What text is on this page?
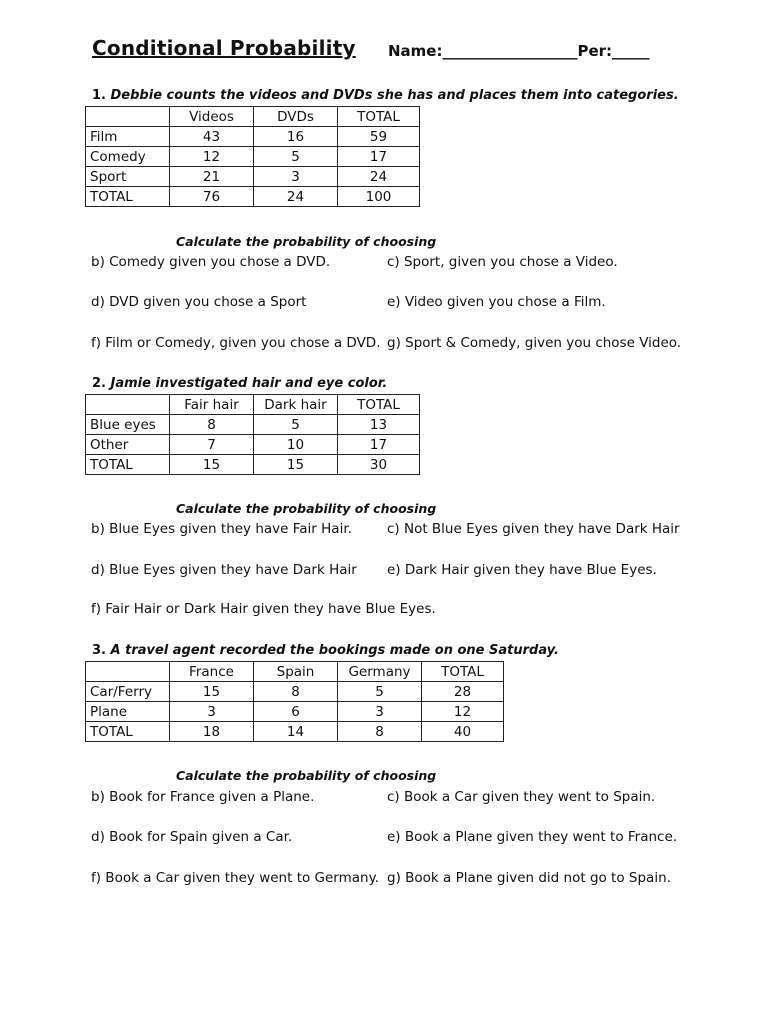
Conditional Probability Name:__________________Per:_____
1. Debbie counts the videos and DVDs she has and places them into categories.
	Videos	DVDs	TOTAL
Film	43	16	59
Comedy	12	5	17
Sport	21	3	24
TOTAL	76	24	100
Calculate the probability of choosing
b) Comedy given you chose a DVD.	c) Sport, given you chose a Video.
d) DVD given you chose a Sport	e) Video given you chose a Film.
f) Film or Comedy, given you chose a DVD. g) Sport & Comedy, given you chose Video.
2. Jamie investigated hair and eye color.
	Fair hair	Dark hair	TOTAL
Blue eyes	8	5	13
Other	7	10	17
TOTAL	15	15	30
Calculate the probability of choosing
b) Blue Eyes given they have Fair Hair.	c) Not Blue Eyes given they have Dark Hair
d) Blue Eyes given they have Dark Hair e) Dark Hair given they have Blue Eyes.
f) Fair Hair or Dark Hair given they have Blue Eyes.
3. A travel agent recorded the bookings made on one Saturday.
	France	Spain	Germany	TOTAL
Car/Ferry	15	8	5	28
Plane	3	6	3	12
TOTAL	18	14	8	40
Calculate the probability of choosing
b) Book for France given a Plane.	c) Book a Car given they went to Spain.
d) Book for Spain given a Car.	e) Book a Plane given they went to France.
f) Book a Car given they went to Germany. g) Book a Plane given did not go to Spain.
